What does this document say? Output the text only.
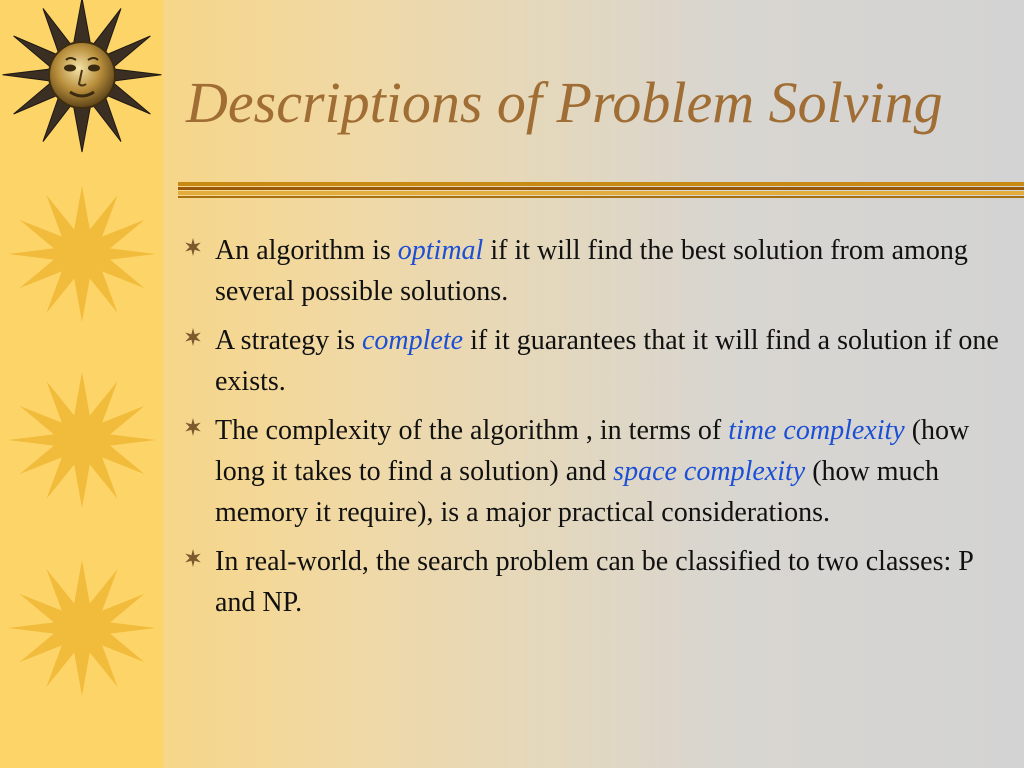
Descriptions of Problem Solving
An algorithm is optimal if it will find the best solution from among several possible solutions.
A strategy is complete if it guarantees that it will find a solution if one exists.
The complexity of the algorithm , in terms of time complexity (how long it takes to find a solution) and space complexity (how much memory it require), is a major practical considerations.
In real-world, the search problem can be classified to two classes: P and NP.
